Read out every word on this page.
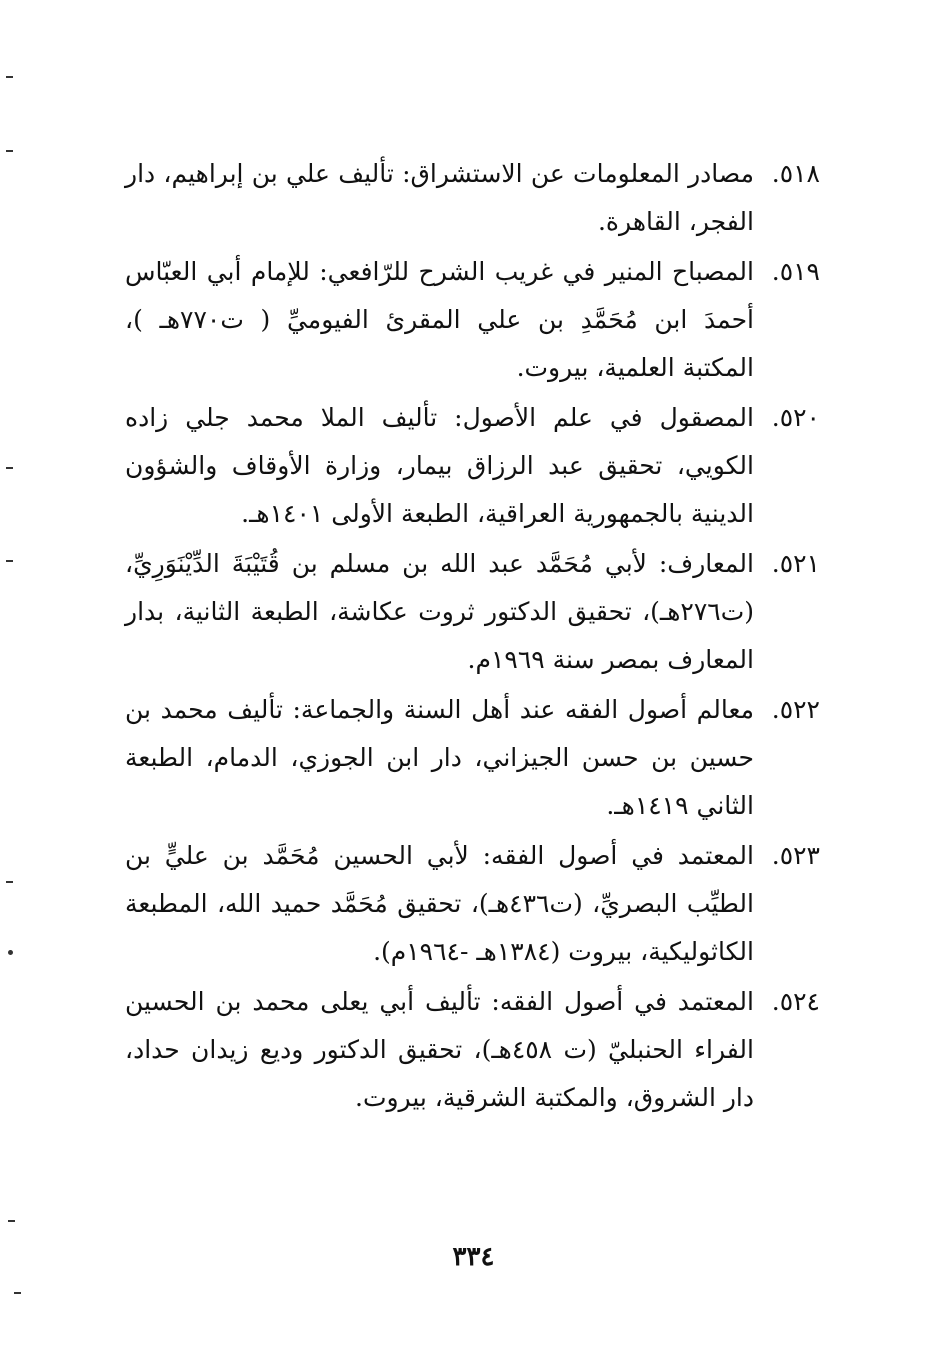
٥١٨.
مصادر المعلومات عن الاستشراق: تأليف علي بن إبراهيم، دار الفجر، القاهرة.
٥١٩.
المصباح المنير في غريب الشرح للرّافعي: للإمام أبي العبّاس أحمدَ ابن مُحَمَّدِ بن علي المقرئ الفيوميِّ ( ت٧٧٠هـ )، المكتبة العلمية، بيروت.
٥٢٠.
المصقول في علم الأصول: تأليف الملا محمد جلي زاده الكويي، تحقيق عبد الرزاق بيمار، وزارة الأوقاف والشؤون الدينية بالجمهورية العراقية، الطبعة الأولى ١٤٠١هـ.
٥٢١.
المعارف: لأبي مُحَمَّد عبد الله بن مسلم بن قُتَيْبَةَ الدِّيْنَوَرِيِّ، (ت٢٧٦هـ)، تحقيق الدكتور ثروت عكاشة، الطبعة الثانية، بدار المعارف بمصر سنة ١٩٦٩م.
٥٢٢.
معالم أصول الفقه عند أهل السنة والجماعة: تأليف محمد بن حسين بن حسن الجيزاني، دار ابن الجوزي، الدمام، الطبعة الثاني ١٤١٩هـ.
٥٢٣.
المعتمد في أصول الفقه: لأبي الحسين مُحَمَّد بن عليٍّ بن الطيِّب البصريِّ، (ت٤٣٦هـ)، تحقيق مُحَمَّد حميد الله، المطبعة الكاثوليكية، بيروت (١٣٨٤هـ -١٩٦٤م).
٥٢٤.
المعتمد في أصول الفقه: تأليف أبي يعلى محمد بن الحسين الفراء الحنبليّ (ت ٤٥٨هـ)، تحقيق الدكتور وديع زيدان حداد، دار الشروق، والمكتبة الشرقية، بيروت.
٣٣٤
